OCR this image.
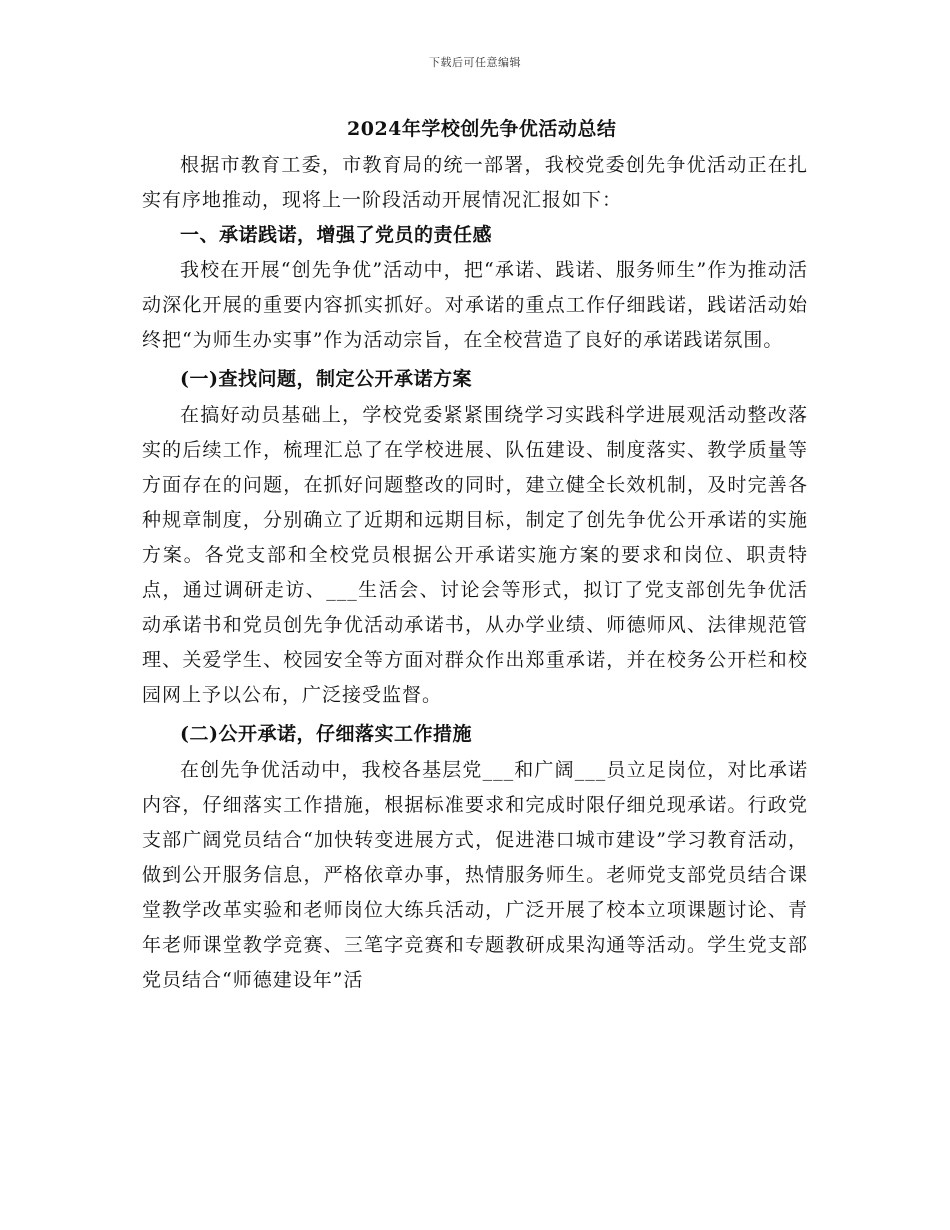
下载后可任意编辑
2024年学校创先争优活动总结

根据市教育工委，市教育局的统一部署，我校党委创先争优活动正在扎实有序地推动，现将上一阶段活动开展情况汇报如下：

一、承诺践诺，增强了党员的责任感

我校在开展“创先争优”活动中，把“承诺、践诺、服务师生”作为推动活动深化开展的重要内容抓实抓好。对承诺的重点工作仔细践诺，践诺活动始终把“为师生办实事”作为活动宗旨，在全校营造了良好的承诺践诺氛围。

(一)查找问题，制定公开承诺方案

在搞好动员基础上，学校党委紧紧围绕学习实践科学进展观活动整改落实的后续工作，梳理汇总了在学校进展、队伍建设、制度落实、教学质量等方面存在的问题，在抓好问题整改的同时，建立健全长效机制，及时完善各种规章制度，分别确立了近期和远期目标，制定了创先争优公开承诺的实施方案。各党支部和全校党员根据公开承诺实施方案的要求和岗位、职责特点，通过调研走访、___生活会、讨论会等形式，拟订了党支部创先争优活动承诺书和党员创先争优活动承诺书，从办学业绩、师德师风、法律规范管理、关爱学生、校园安全等方面对群众作出郑重承诺，并在校务公开栏和校园网上予以公布，广泛接受监督。

(二)公开承诺，仔细落实工作措施

在创先争优活动中，我校各基层党___和广阔___员立足岗位，对比承诺内容，仔细落实工作措施，根据标准要求和完成时限仔细兑现承诺。行政党支部广阔党员结合“加快转变进展方式，促进港口城市建设”学习教育活动，做到公开服务信息，严格依章办事，热情服务师生。老师党支部党员结合课堂教学改革实验和老师岗位大练兵活动，广泛开展了校本立项课题讨论、青年老师课堂教学竞赛、三笔字竞赛和专题教研成果沟通等活动。学生党支部党员结合“师德建设年”活
